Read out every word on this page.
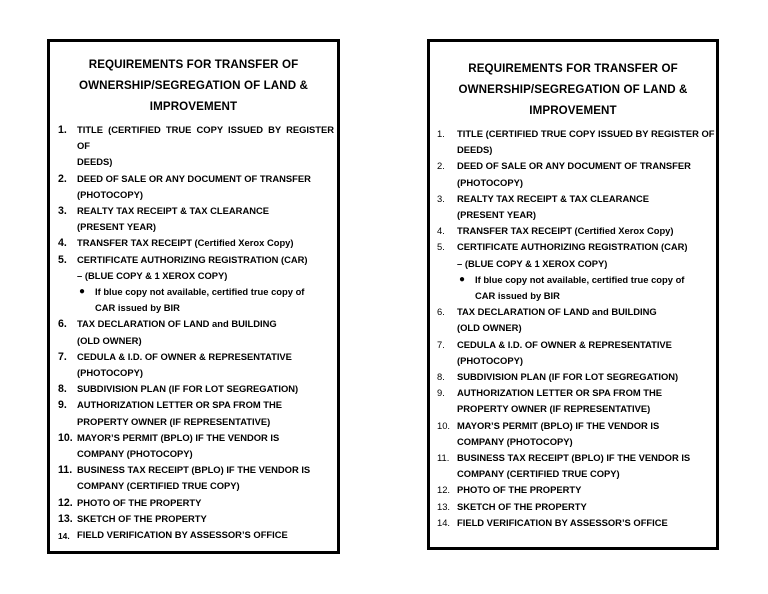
REQUIREMENTS FOR TRANSFER OF OWNERSHIP/SEGREGATION OF LAND & IMPROVEMENT
1. TITLE (CERTIFIED TRUE COPY ISSUED BY REGISTER OF
DEEDS)
2. DEED OF SALE OR ANY DOCUMENT OF TRANSFER
(PHOTOCOPY)
3. REALTY TAX RECEIPT & TAX CLEARANCE
(PRESENT YEAR)
4. TRANSFER TAX RECEIPT (Certified Xerox Copy)
5. CERTIFICATE AUTHORIZING REGISTRATION (CAR)
– (BLUE COPY & 1 XEROX COPY)
● If blue copy not available, certified true copy of
CAR issued by BIR
6. TAX DECLARATION OF LAND and BUILDING
(OLD OWNER)
7. CEDULA & I.D. OF OWNER & REPRESENTATIVE
(PHOTOCOPY)
8. SUBDIVISION PLAN (IF FOR LOT SEGREGATION)
9. AUTHORIZATION LETTER OR SPA FROM THE
PROPERTY OWNER (IF REPRESENTATIVE)
10. MAYOR’S PERMIT (BPLO) IF THE VENDOR IS
COMPANY (PHOTOCOPY)
11. BUSINESS TAX RECEIPT (BPLO) IF THE VENDOR IS
COMPANY (CERTIFIED TRUE COPY)
12. PHOTO OF THE PROPERTY
13. SKETCH OF THE PROPERTY
14. FIELD VERIFICATION BY ASSESSOR’S OFFICE
REQUIREMENTS FOR TRANSFER OF OWNERSHIP/SEGREGATION OF LAND & IMPROVEMENT
1. TITLE (CERTIFIED TRUE COPY ISSUED BY REGISTER OF
DEEDS)
2. DEED OF SALE OR ANY DOCUMENT OF TRANSFER
(PHOTOCOPY)
3. REALTY TAX RECEIPT & TAX CLEARANCE
(PRESENT YEAR)
4. TRANSFER TAX RECEIPT (Certified Xerox Copy)
5. CERTIFICATE AUTHORIZING REGISTRATION (CAR)
– (BLUE COPY & 1 XEROX COPY)
● If blue copy not available, certified true copy of
CAR issued by BIR
6. TAX DECLARATION OF LAND and BUILDING
(OLD OWNER)
7. CEDULA & I.D. OF OWNER & REPRESENTATIVE
(PHOTOCOPY)
8. SUBDIVISION PLAN (IF FOR LOT SEGREGATION)
9. AUTHORIZATION LETTER OR SPA FROM THE
PROPERTY OWNER (IF REPRESENTATIVE)
10. MAYOR’S PERMIT (BPLO) IF THE VENDOR IS
COMPANY (PHOTOCOPY)
11. BUSINESS TAX RECEIPT (BPLO) IF THE VENDOR IS
COMPANY (CERTIFIED TRUE COPY)
12. PHOTO OF THE PROPERTY
13. SKETCH OF THE PROPERTY
14. FIELD VERIFICATION BY ASSESSOR’S OFFICE
